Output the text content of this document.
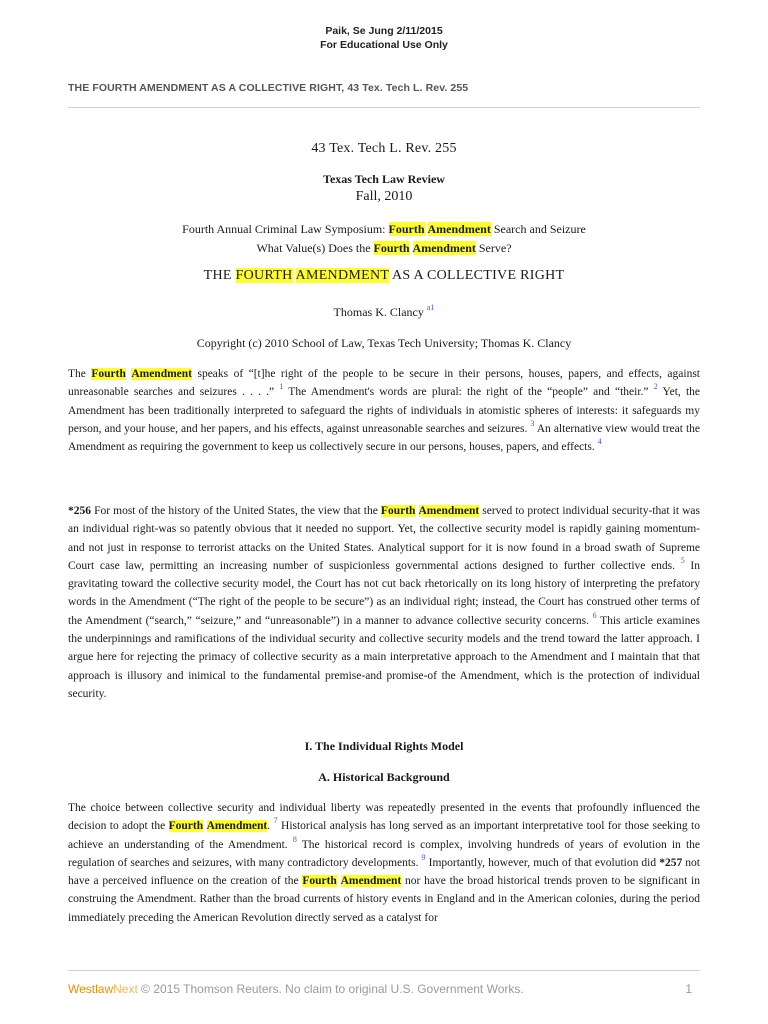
Paik, Se Jung 2/11/2015
For Educational Use Only
THE FOURTH AMENDMENT AS A COLLECTIVE RIGHT, 43 Tex. Tech L. Rev. 255
43 Tex. Tech L. Rev. 255
Texas Tech Law Review
Fall, 2010
Fourth Annual Criminal Law Symposium: Fourth Amendment Search and Seizure
What Value(s) Does the Fourth Amendment Serve?
THE FOURTH AMENDMENT AS A COLLECTIVE RIGHT
Thomas K. Clancy $^{a1}$
Copyright (c) 2010 School of Law, Texas Tech University; Thomas K. Clancy

The Fourth Amendment speaks of “[t]he right of the people to be secure in their persons, houses, papers, and effects, against unreasonable searches and seizures . . . .” $^1$ The Amendment's words are plural: the right of the “people” and “their.” $^2$ Yet, the Amendment has been traditionally interpreted to safeguard the rights of individuals in atomistic spheres of interests: it safeguards my person, and your house, and her papers, and his effects, against unreasonable searches and seizures. $^3$ An alternative view would treat the Amendment as requiring the government to keep us collectively secure in our persons, houses, papers, and effects. $^4$

*256 For most of the history of the United States, the view that the Fourth Amendment served to protect individual security-that it was an individual right-was so patently obvious that it needed no support. Yet, the collective security model is rapidly gaining momentum-and not just in response to terrorist attacks on the United States. Analytical support for it is now found in a broad swath of Supreme Court case law, permitting an increasing number of suspicionless governmental actions designed to further collective ends. $^5$ In gravitating toward the collective security model, the Court has not cut back rhetorically on its long history of interpreting the prefatory words in the Amendment (“The right of the people to be secure”) as an individual right; instead, the Court has construed other terms of the Amendment (“search,” “seizure,” and “unreasonable”) in a manner to advance collective security concerns. $^6$ This article examines the underpinnings and ramifications of the individual security and collective security models and the trend toward the latter approach. I argue here for rejecting the primacy of collective security as a main interpretative approach to the Amendment and I maintain that that approach is illusory and inimical to the fundamental premise-and promise-of the Amendment, which is the protection of individual security.

I. The Individual Rights Model
A. Historical Background

The choice between collective security and individual liberty was repeatedly presented in the events that profoundly influenced the decision to adopt the Fourth Amendment. $^7$ Historical analysis has long served as an important interpretative tool for those seeking to achieve an understanding of the Amendment. $^8$ The historical record is complex, involving hundreds of years of evolution in the regulation of searches and seizures, with many contradictory developments. $^9$ Importantly, however, much of that evolution did *257 not have a perceived influence on the creation of the Fourth Amendment nor have the broad historical trends proven to be significant in construing the Amendment. Rather than the broad currents of history events in England and in the American colonies, during the period immediately preceding the American Revolution directly served as a catalyst for

WestlawNext © 2015 Thomson Reuters. No claim to original U.S. Government Works.	1
